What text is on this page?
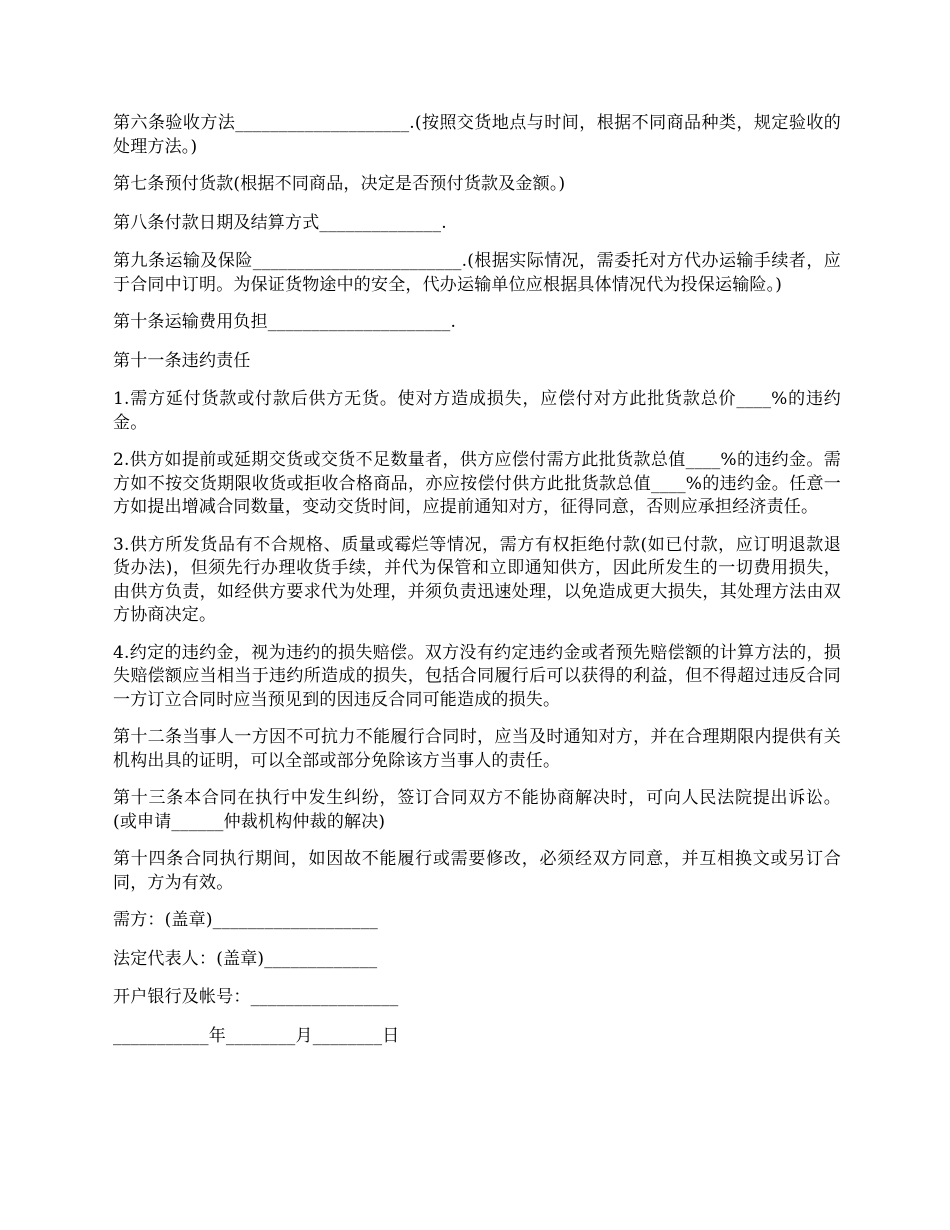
第六条验收方法____________________.(按照交货地点与时间，根据不同商品种类，规定验收的处理方法。)

第七条预付货款(根据不同商品，决定是否预付货款及金额。)

第八条付款日期及结算方式______________.

第九条运输及保险________________________.(根据实际情况，需委托对方代办运输手续者，应于合同中订明。为保证货物途中的安全，代办运输单位应根据具体情况代为投保运输险。)

第十条运输费用负担_____________________.

第十一条违约责任

1.需方延付货款或付款后供方无货。使对方造成损失，应偿付对方此批货款总价____%的违约金。

2.供方如提前或延期交货或交货不足数量者，供方应偿付需方此批货款总值____%的违约金。需方如不按交货期限收货或拒收合格商品，亦应按偿付供方此批货款总值____%的违约金。任意一方如提出增减合同数量，变动交货时间，应提前通知对方，征得同意，否则应承担经济责任。

3.供方所发货品有不合规格、质量或霉烂等情况，需方有权拒绝付款(如已付款，应订明退款退货办法)，但须先行办理收货手续，并代为保管和立即通知供方，因此所发生的一切费用损失，由供方负责，如经供方要求代为处理，并须负责迅速处理，以免造成更大损失，其处理方法由双方协商决定。

4.约定的违约金，视为违约的损失赔偿。双方没有约定违约金或者预先赔偿额的计算方法的，损失赔偿额应当相当于违约所造成的损失，包括合同履行后可以获得的利益，但不得超过违反合同一方订立合同时应当预见到的因违反合同可能造成的损失。

第十二条当事人一方因不可抗力不能履行合同时，应当及时通知对方，并在合理期限内提供有关机构出具的证明，可以全部或部分免除该方当事人的责任。

第十三条本合同在执行中发生纠纷，签订合同双方不能协商解决时，可向人民法院提出诉讼。(或申请______仲裁机构仲裁的解决)

第十四条合同执行期间，如因故不能履行或需要修改，必须经双方同意，并互相换文或另订合同，方为有效。

需方：(盖章)___________________

法定代表人：(盖章)_____________

开户银行及帐号：_________________

___________年________月________日
